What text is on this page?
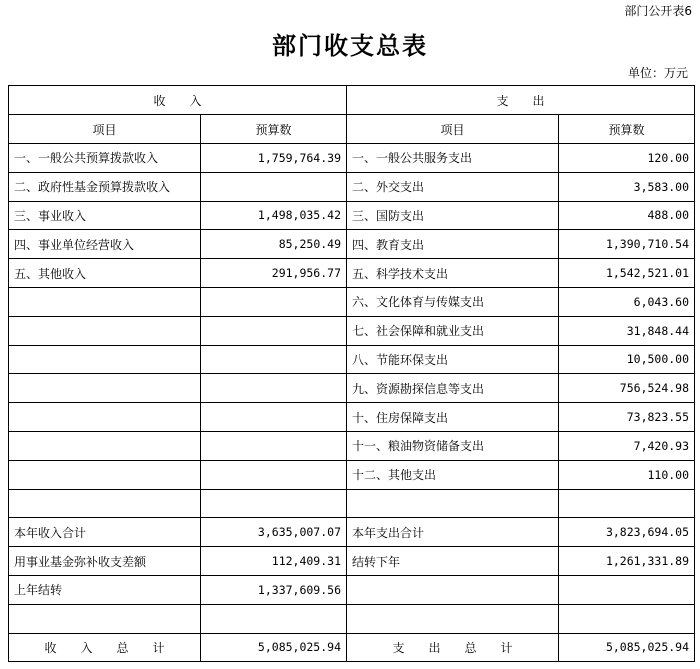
部门公开表6
部门收支总表
单位：万元
收　　入		支　　出	
项目	预算数	项目	预算数
一、一般公共预算拨款收入	1,759,764.39	一、一般公共服务支出	120.00
二、政府性基金预算拨款收入		二、外交支出	3,583.00
三、事业收入	1,498,035.42	三、国防支出	488.00
四、事业单位经营收入	85,250.49	四、教育支出	1,390,710.54
五、其他收入	291,956.77	五、科学技术支出	1,542,521.01
		六、文化体育与传媒支出	6,043.60
		七、社会保障和就业支出	31,848.44
		八、节能环保支出	10,500.00
		九、资源勘探信息等支出	756,524.98
		十、住房保障支出	73,823.55
		十一、粮油物资储备支出	7,420.93
		十二、其他支出	110.00

本年收入合计	3,635,007.07	本年支出合计	3,823,694.05
用事业基金弥补收支差额	112,409.31	结转下年	1,261,331.89
上年结转	1,337,609.56		

收　　入　　总　　计	5,085,025.94	支　　出　　总　　计	5,085,025.94
